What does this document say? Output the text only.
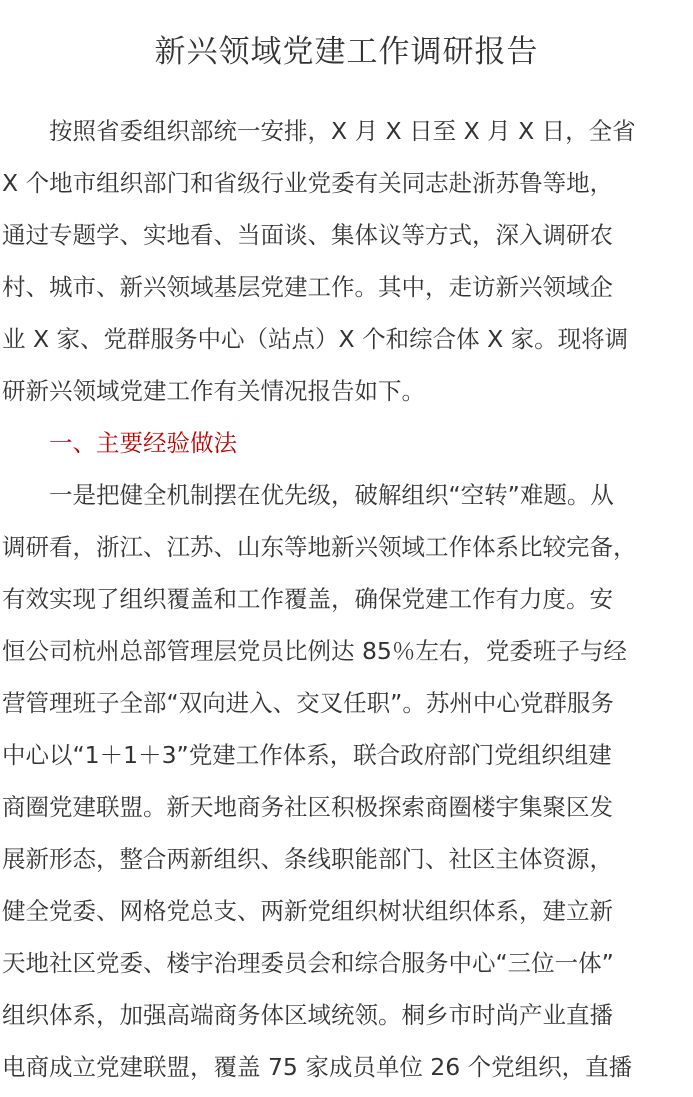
新兴领域党建工作调研报告
　　按照省委组织部统一安排，X 月 X 日至 X 月 X 日，全省
X 个地市组织部门和省级行业党委有关同志赴浙苏鲁等地，
通过专题学、实地看、当面谈、集体议等方式，深入调研农
村、城市、新兴领域基层党建工作。其中，走访新兴领域企
业 X 家、党群服务中心（站点）X 个和综合体 X 家。现将调
研新兴领域党建工作有关情况报告如下。
　　一、主要经验做法
　　一是把健全机制摆在优先级，破解组织“空转”难题。从
调研看，浙江、江苏、山东等地新兴领域工作体系比较完备，
有效实现了组织覆盖和工作覆盖，确保党建工作有力度。安
恒公司杭州总部管理层党员比例达 85％左右，党委班子与经
营管理班子全部“双向进入、交叉任职”。苏州中心党群服务
中心以“1＋1＋3”党建工作体系，联合政府部门党组织组建
商圈党建联盟。新天地商务社区积极探索商圈楼宇集聚区发
展新形态，整合两新组织、条线职能部门、社区主体资源，
健全党委、网格党总支、两新党组织树状组织体系，建立新
天地社区党委、楼宇治理委员会和综合服务中心“三位一体”
组织体系，加强高端商务体区域统领。桐乡市时尚产业直播
电商成立党建联盟，覆盖 75 家成员单位 26 个党组织，直播
